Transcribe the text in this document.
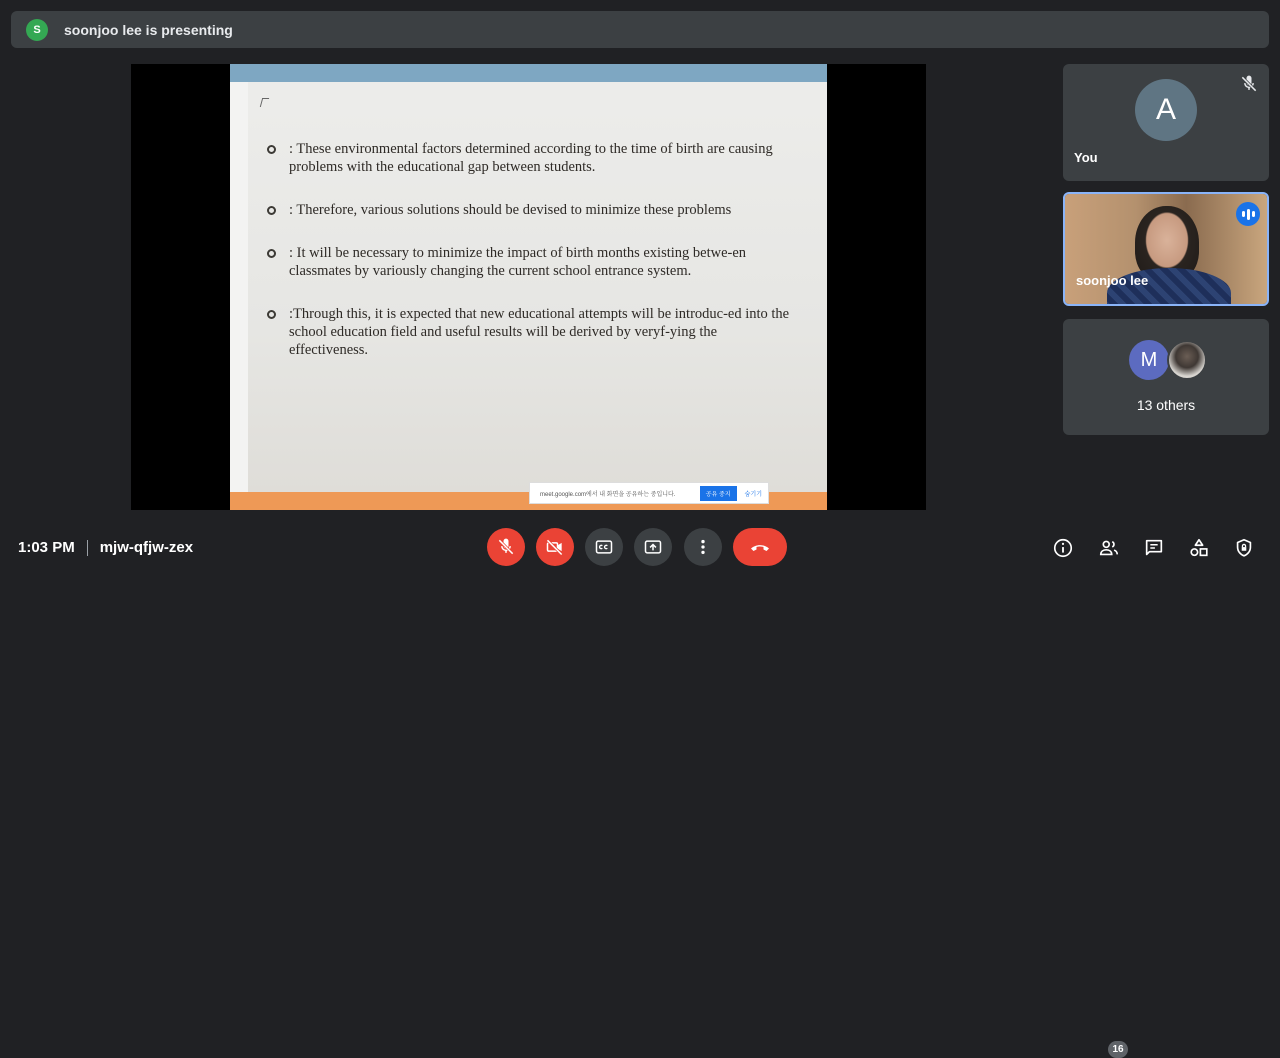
S	soonjoo lee is presenting
: These environmental factors determined according to the time of birth are causing problems with the educational gap between students.
: Therefore, various solutions should be devised to minimize these problems
: It will be necessary to minimize the impact of birth months existing betwe-en classmates by variously changing the current school entrance system.
:Through this, it is expected that new educational attempts will be introduc-ed into the school education field and useful results will be derived by veryf-ying the effectiveness.
meet.google.com에서 내 화면을 공유하는 중입니다.	공유 중지	숨기기
A
You
soonjoo lee
M
13 others
1:03 PM mjw-qfjw-zex
16
